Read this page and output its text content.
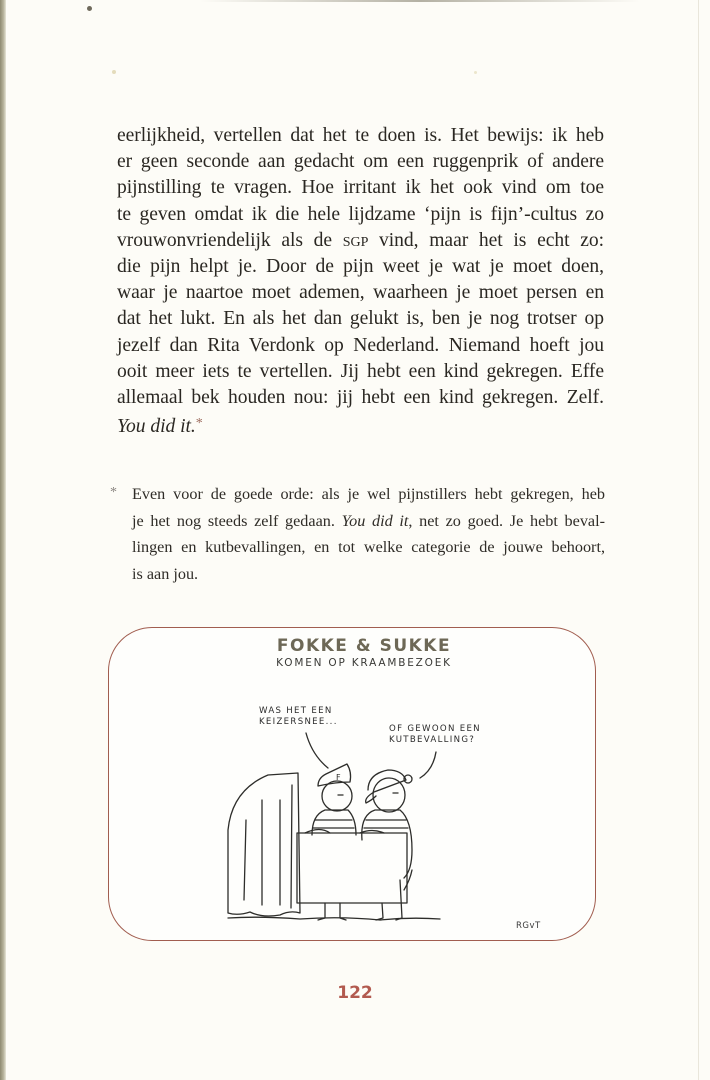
eerlijkheid, vertellen dat het te doen is. Het bewijs: ik heb
er geen seconde aan gedacht om een ruggenprik of andere
pijnstilling te vragen. Hoe irritant ik het ook vind om toe
te geven omdat ik die hele lijdzame ‘pijn is fijn’-cultus zo
vrouwonvriendelijk als de sgp vind, maar het is echt zo:
die pijn helpt je. Door de pijn weet je wat je moet doen,
waar je naartoe moet ademen, waarheen je moet persen en
dat het lukt. En als het dan gelukt is, ben je nog trotser op
jezelf dan Rita Verdonk op Nederland. Niemand hoeft jou
ooit meer iets te vertellen. Jij hebt een kind gekregen. Effe
allemaal bek houden nou: jij hebt een kind gekregen. Zelf.
You did it.*
* Even voor de goede orde: als je wel pijnstillers hebt gekregen, heb
je het nog steeds zelf gedaan. You did it, net zo goed. Je hebt beval-
lingen en kutbevallingen, en tot welke categorie de jouwe behoort,
is aan jou.
F
FOKKE & SUKKE
KOMEN OP KRAAMBEZOEK
WAS HET EEN
KEIZERSNEE...
OF GEWOON EEN
KUTBEVALLING?
RGvT
122
